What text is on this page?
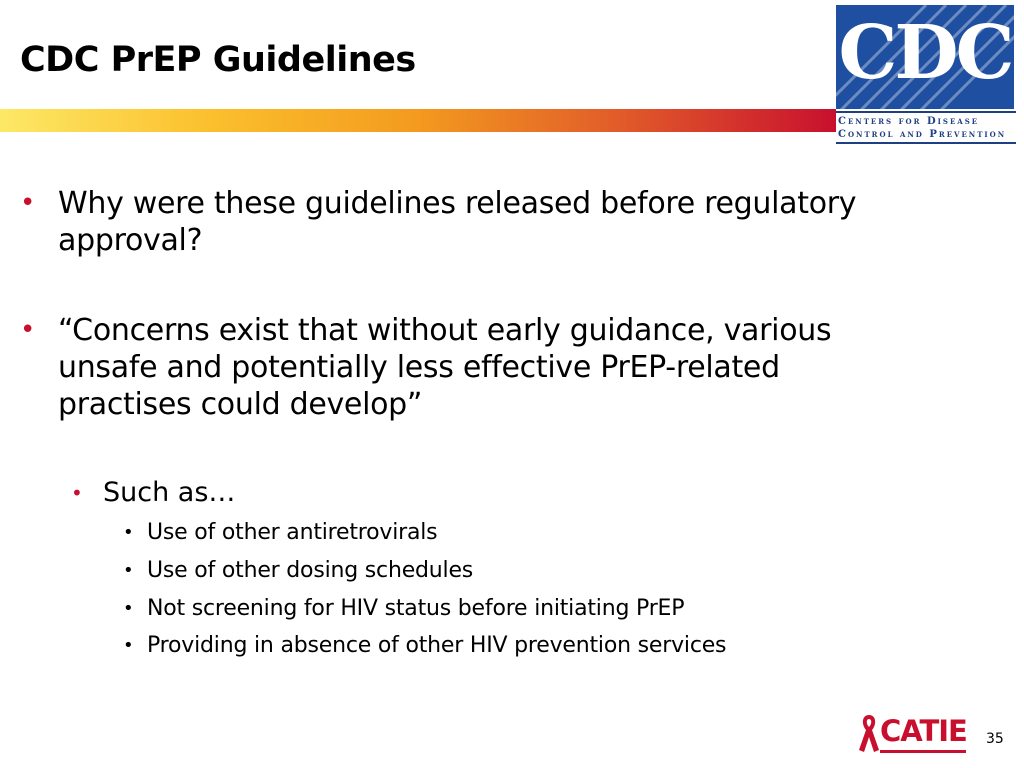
CDC PrEP Guidelines	CDC
Centers for Disease
Control and Prevention
• Why were these guidelines released before regulatory approval?
• “Concerns exist that without early guidance, various unsafe and potentially less effective PrEP-related practises could develop”
• Such as…
• Use of other antiretrovirals
• Use of other dosing schedules
• Not screening for HIV status before initiating PrEP
• Providing in absence of other HIV prevention services
CATIE 35
